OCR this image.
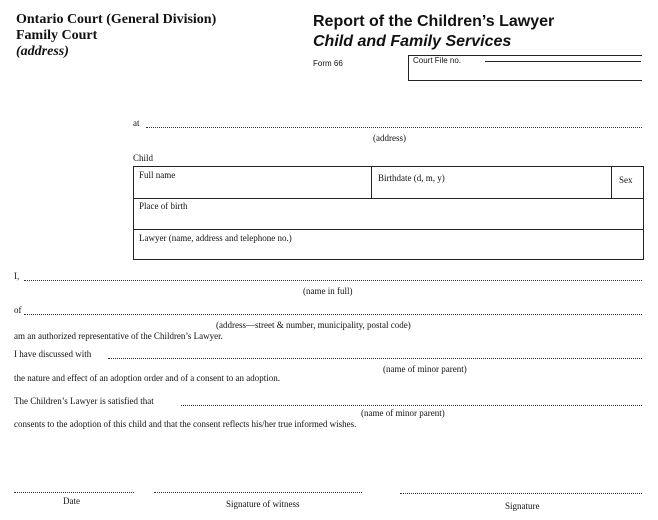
Ontario Court (General Division)
Family Court
(address)
Report of the Children’s Lawyer
Child and Family Services
Form 66	Court File no.
at
(address)
Child
Full name	Birthdate (d, m, y)	Sex
Place of birth
Lawyer (name, address and telephone no.)
I,
(name in full)
of
(address—street & number, municipality, postal code)
am an authorized representative of the Children’s Lawyer.
I have discussed with
(name of minor parent)
the nature and effect of an adoption order and of a consent to an adoption.
The Children’s Lawyer is satisfied that
(name of minor parent)
consents to the adoption of this child and that the consent reflects his/her true informed wishes.
Date	Signature of witness	Signature
